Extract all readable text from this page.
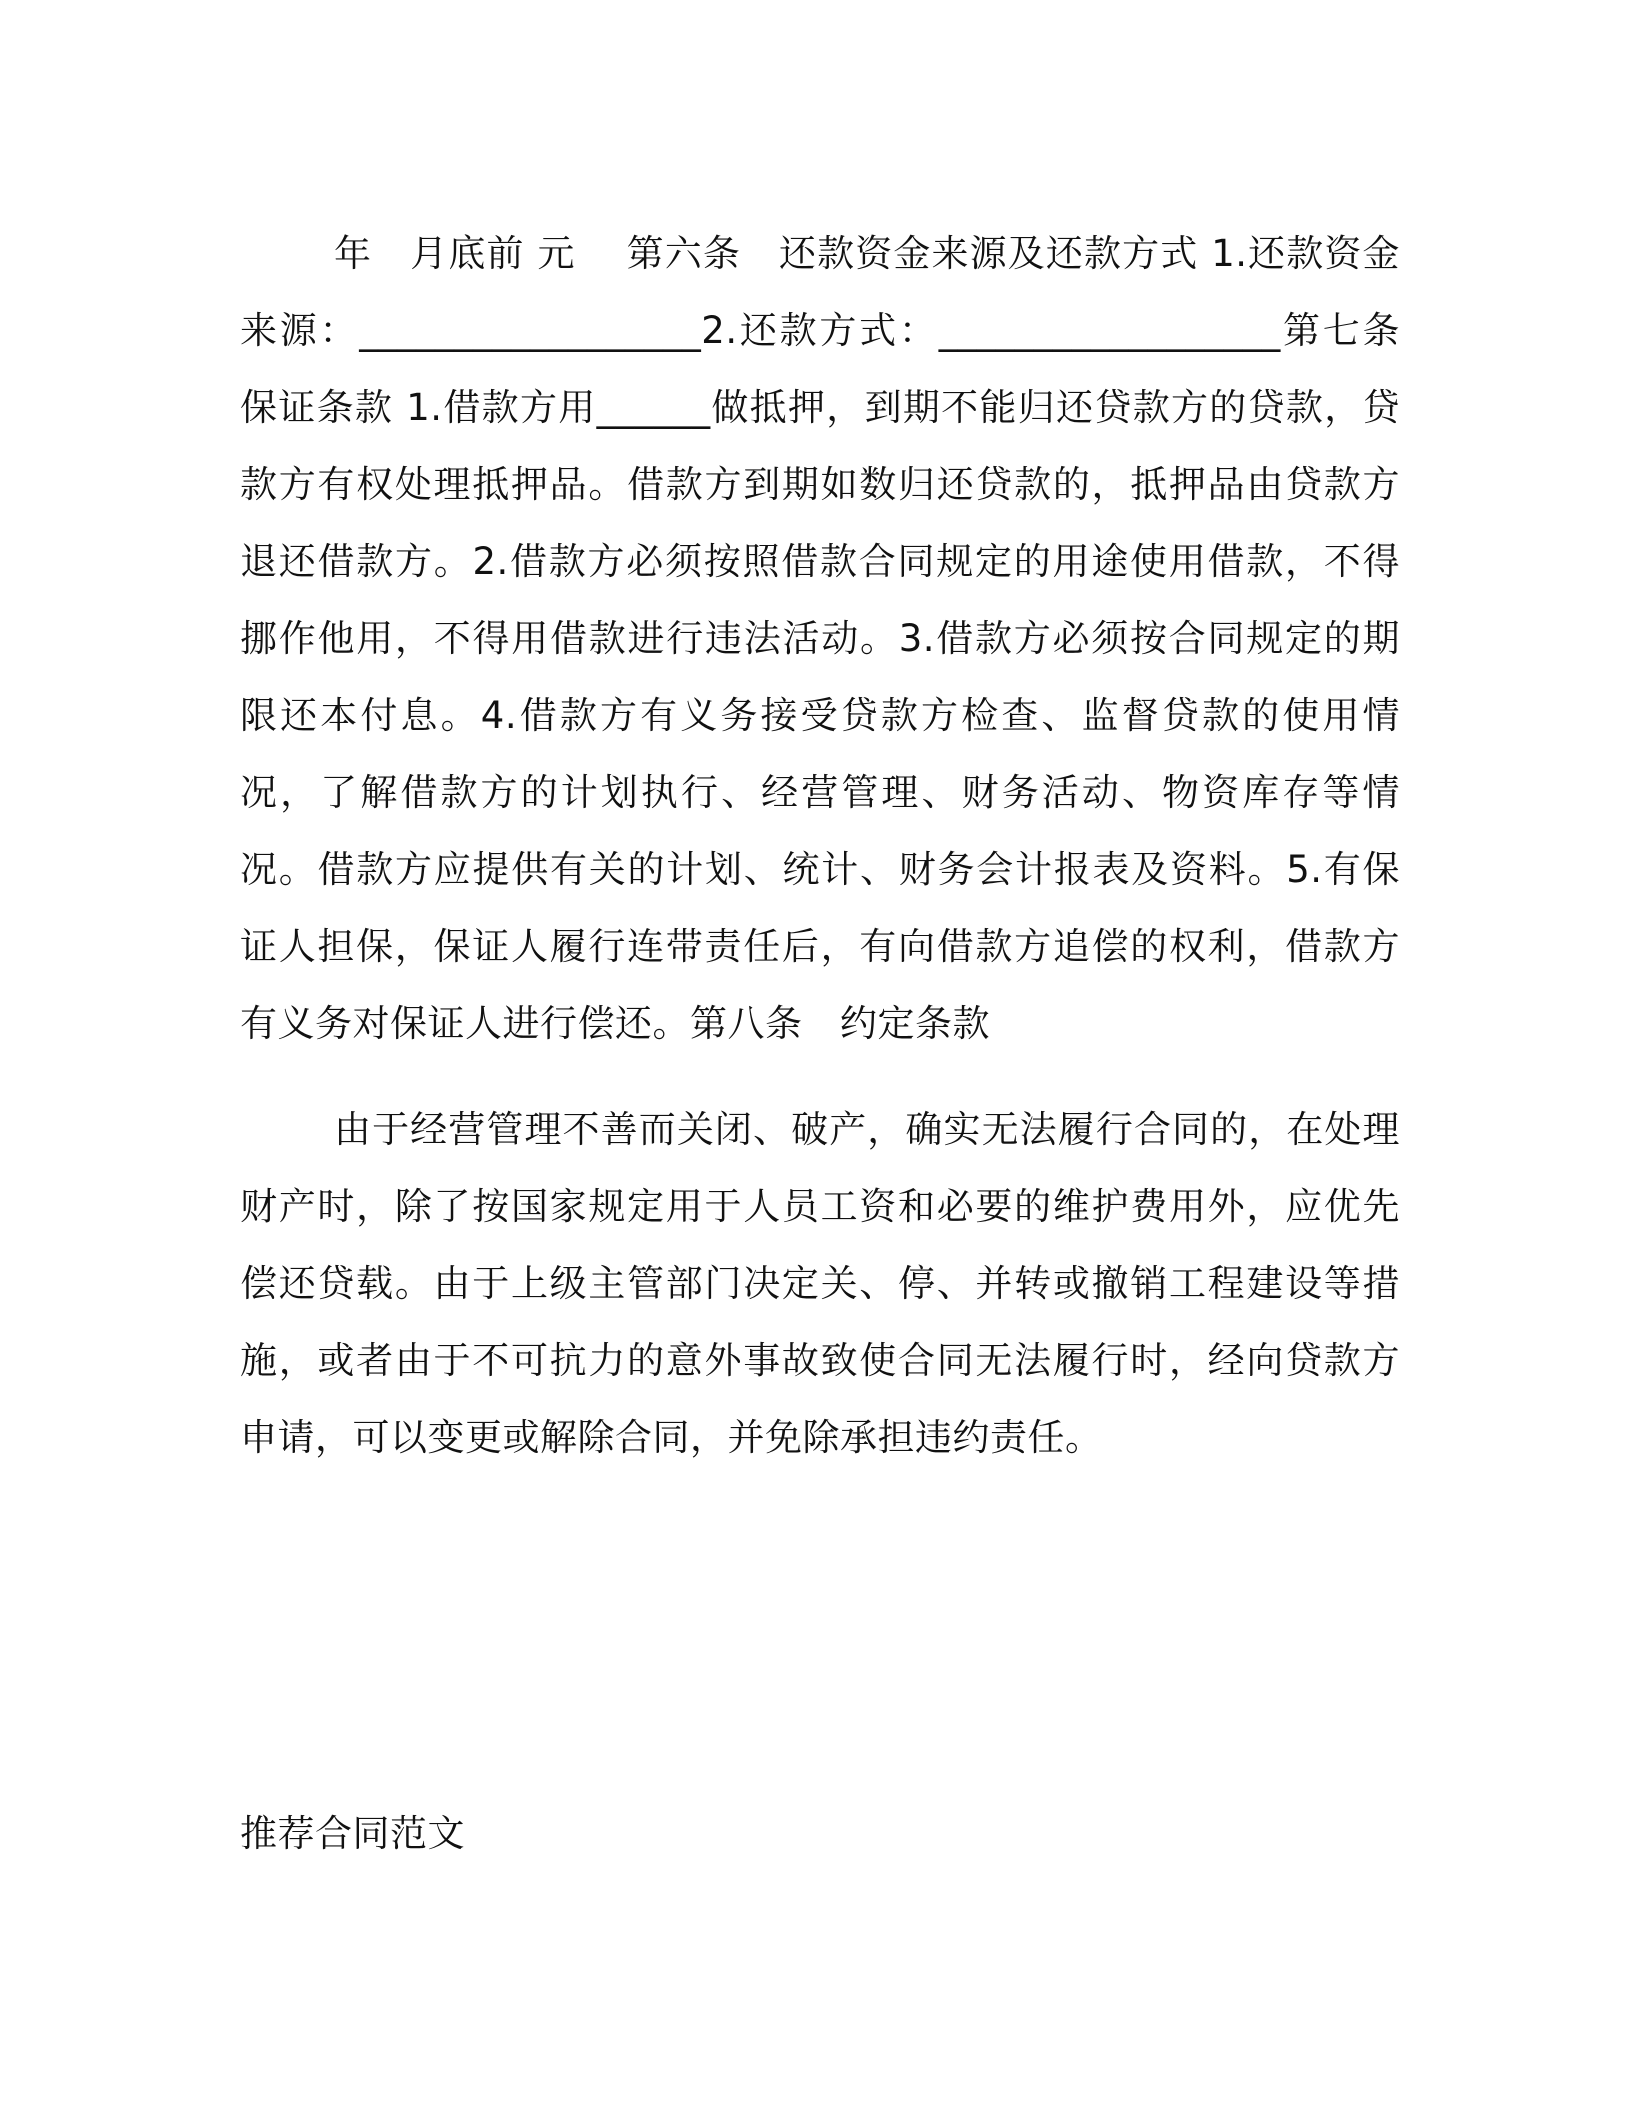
年　月底前 元　 第六条　还款资金来源及还款方式 1.还款资金来源：__________________2.还款方式：__________________第七条　保证条款 1.借款方用______做抵押，到期不能归还贷款方的贷款，贷款方有权处理抵押品。借款方到期如数归还贷款的，抵押品由贷款方退还借款方。2.借款方必须按照借款合同规定的用途使用借款，不得挪作他用，不得用借款进行违法活动。3.借款方必须按合同规定的期限还本付息。4.借款方有义务接受贷款方检查、监督贷款的使用情况，了解借款方的计划执行、经营管理、财务活动、物资库存等情况。借款方应提供有关的计划、统计、财务会计报表及资料。5.有保证人担保，保证人履行连带责任后，有向借款方追偿的权利，借款方有义务对保证人进行偿还。第八条　约定条款

由于经营管理不善而关闭、破产，确实无法履行合同的，在处理财产时，除了按国家规定用于人员工资和必要的维护费用外，应优先偿还贷载。由于上级主管部门决定关、停、并转或撤销工程建设等措施，或者由于不可抗力的意外事故致使合同无法履行时，经向贷款方申请，可以变更或解除合同，并免除承担违约责任。

推荐合同范文
